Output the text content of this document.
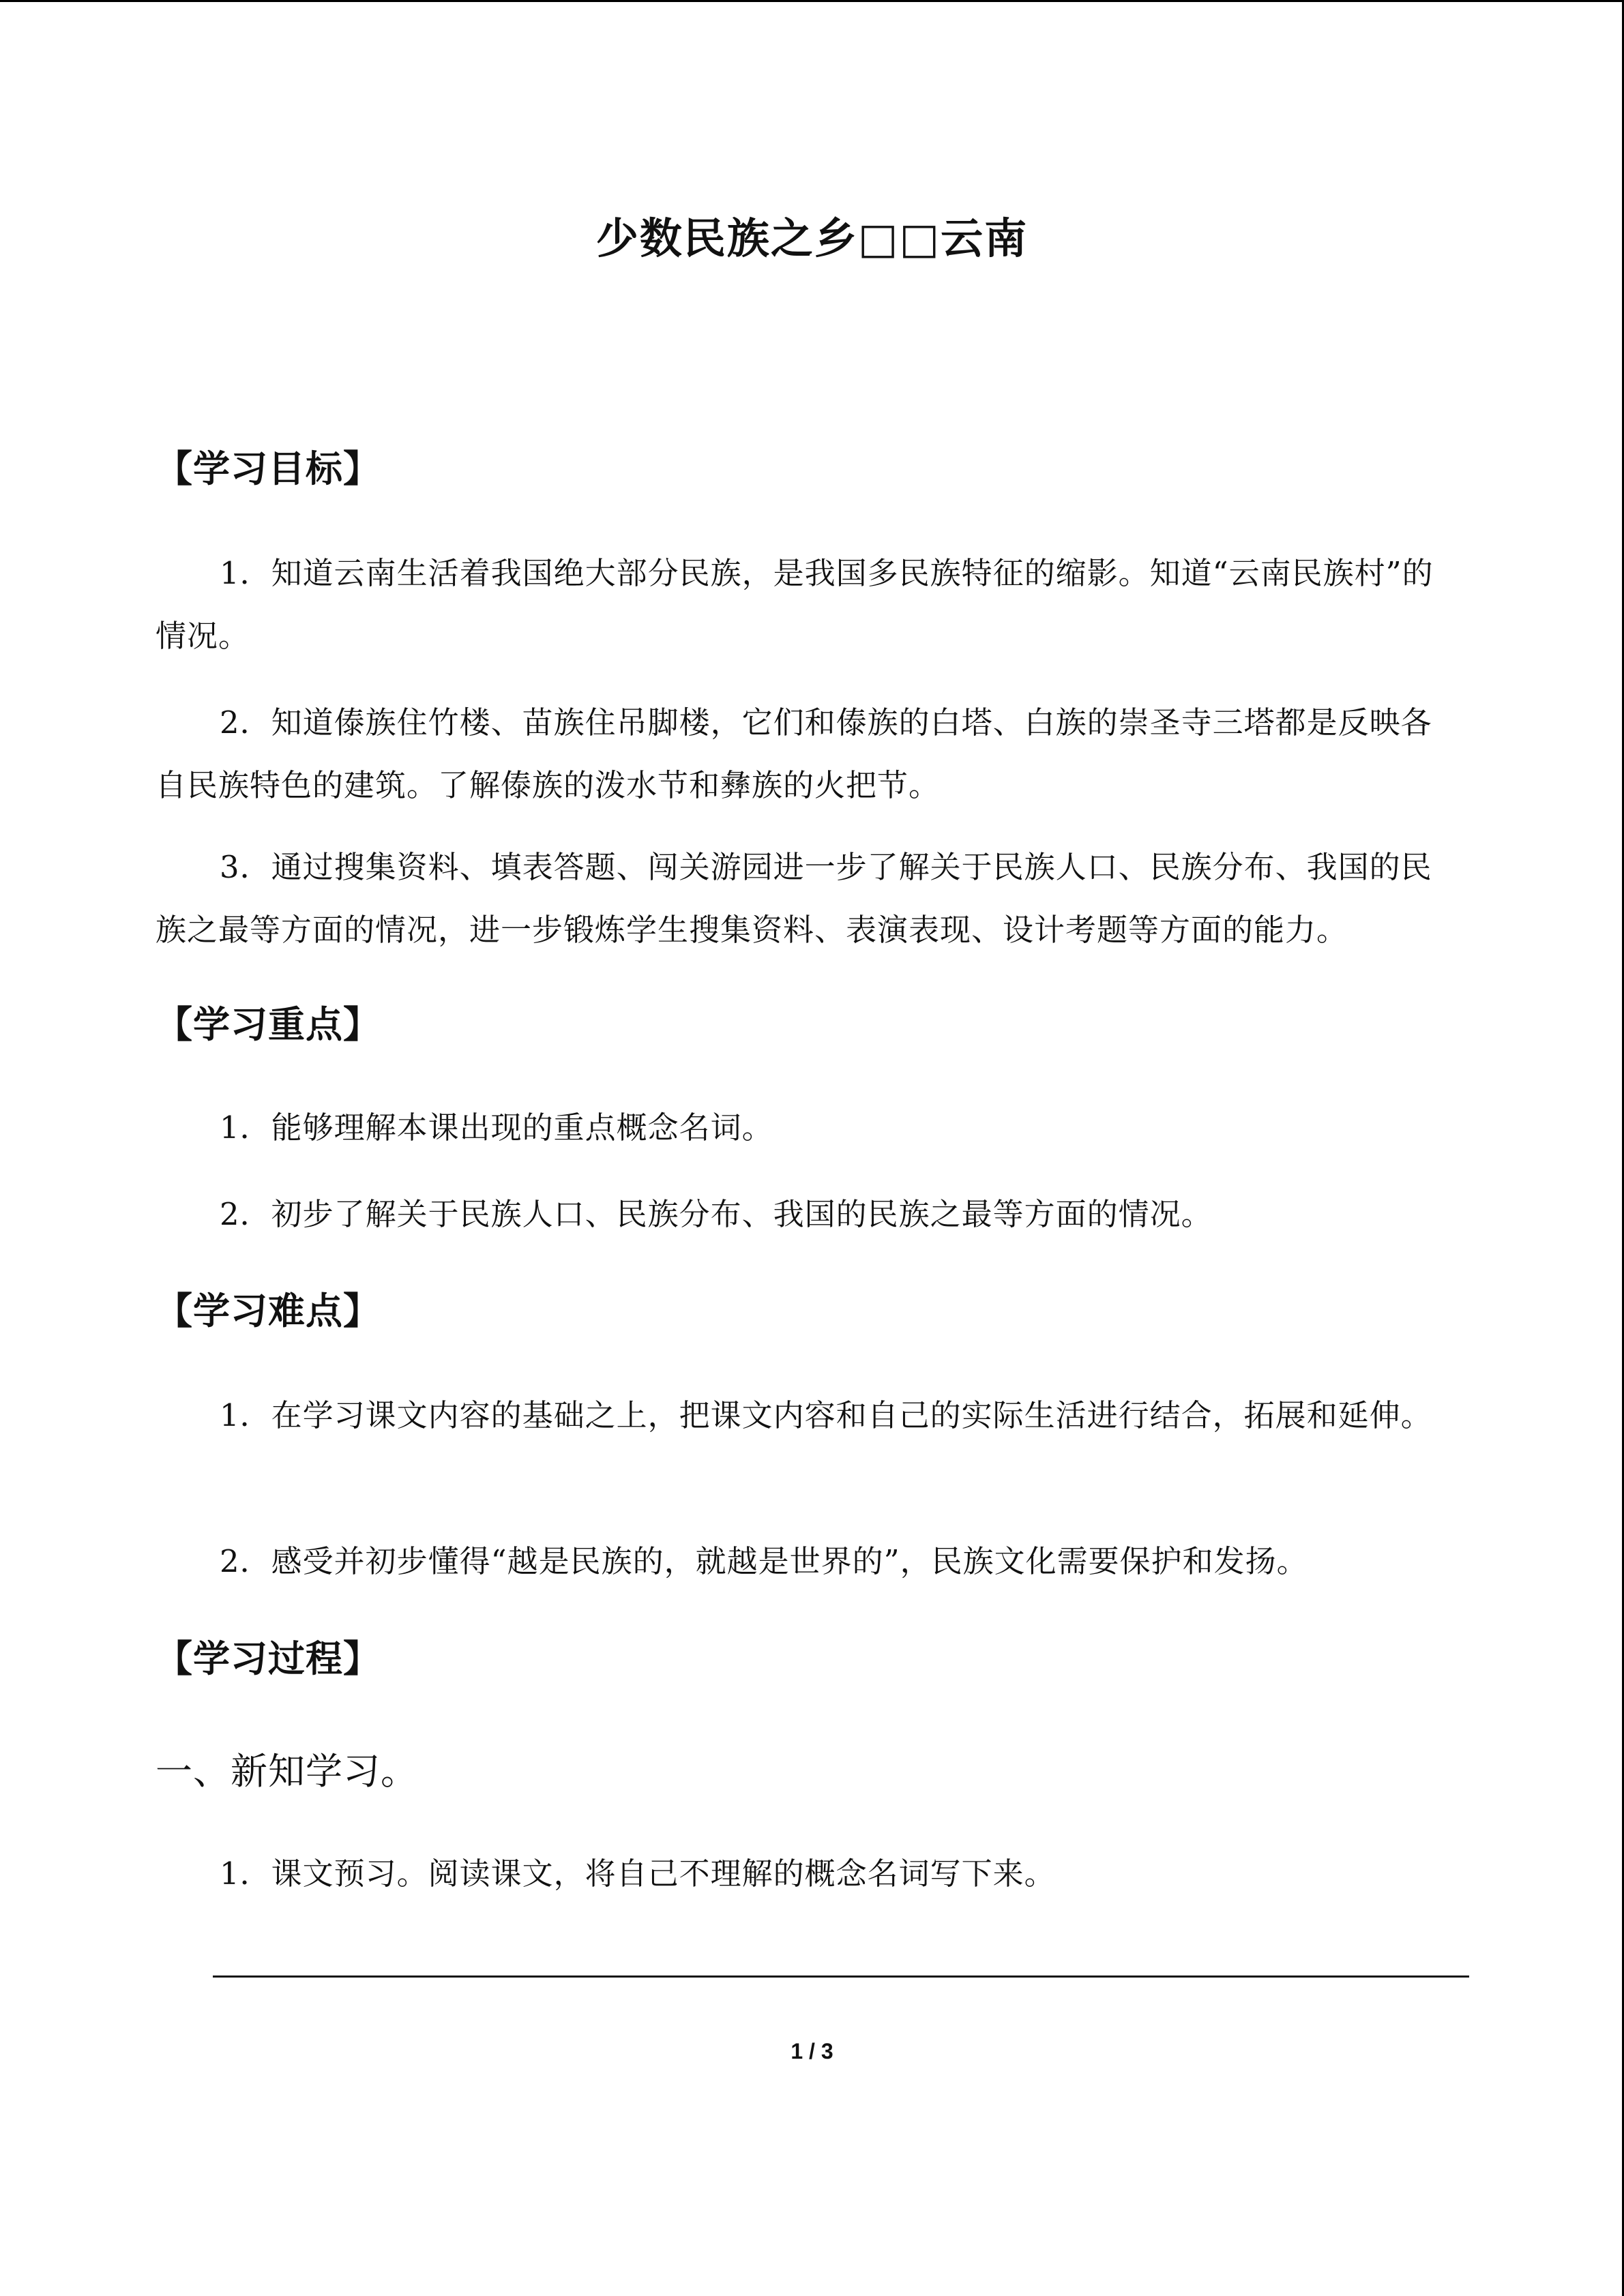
少数民族之乡□□云南
【学习目标】
1．知道云南生活着我国绝大部分民族，是我国多民族特征的缩影。知道“云南民族村”的情况。
2．知道傣族住竹楼、苗族住吊脚楼，它们和傣族的白塔、白族的崇圣寺三塔都是反映各自民族特色的建筑。了解傣族的泼水节和彝族的火把节。
3．通过搜集资料、填表答题、闯关游园进一步了解关于民族人口、民族分布、我国的民族之最等方面的情况，进一步锻炼学生搜集资料、表演表现、设计考题等方面的能力。
【学习重点】
1．能够理解本课出现的重点概念名词。
2．初步了解关于民族人口、民族分布、我国的民族之最等方面的情况。
【学习难点】
1．在学习课文内容的基础之上，把课文内容和自己的实际生活进行结合，拓展和延伸。
2．感受并初步懂得“越是民族的，就越是世界的”，民族文化需要保护和发扬。
【学习过程】
一、新知学习。
1．课文预习。阅读课文，将自己不理解的概念名词写下来。
1 / 3
